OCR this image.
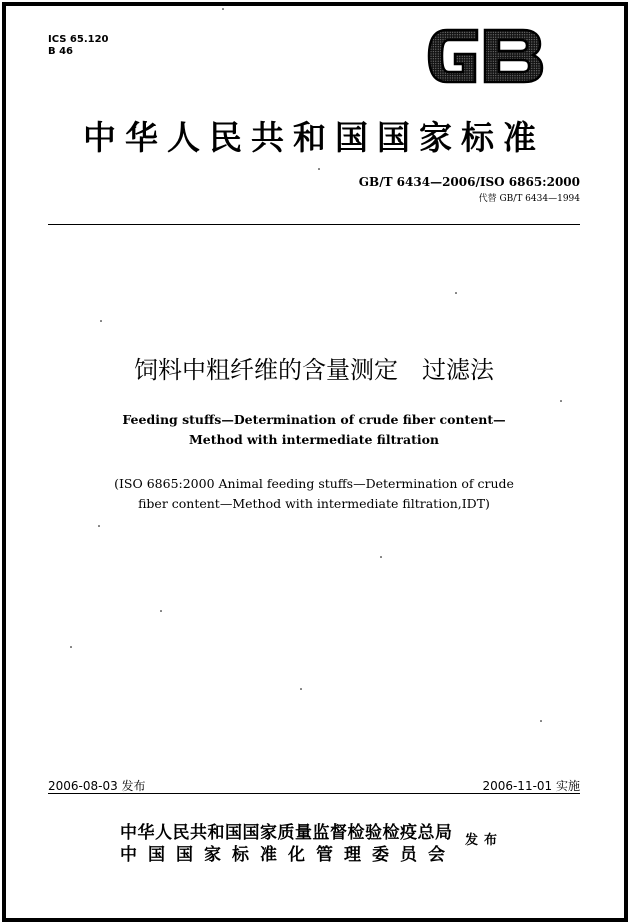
ICS 65.120
B 46
中华人民共和国国家标准
GB/T 6434—2006/ISO 6865:2000
代替 GB/T 6434—1994
饲料中粗纤维的含量测定　过滤法
Feeding stuffs—Determination of crude fiber content—
Method with intermediate filtration
(ISO 6865:2000 Animal feeding stuffs—Determination of crude
fiber content—Method with intermediate filtration,IDT)
2006-08-03 发布	2006-11-01 实施
中华人民共和国国家质量监督检验检疫总局
中国国家标准化管理委员会
发布
